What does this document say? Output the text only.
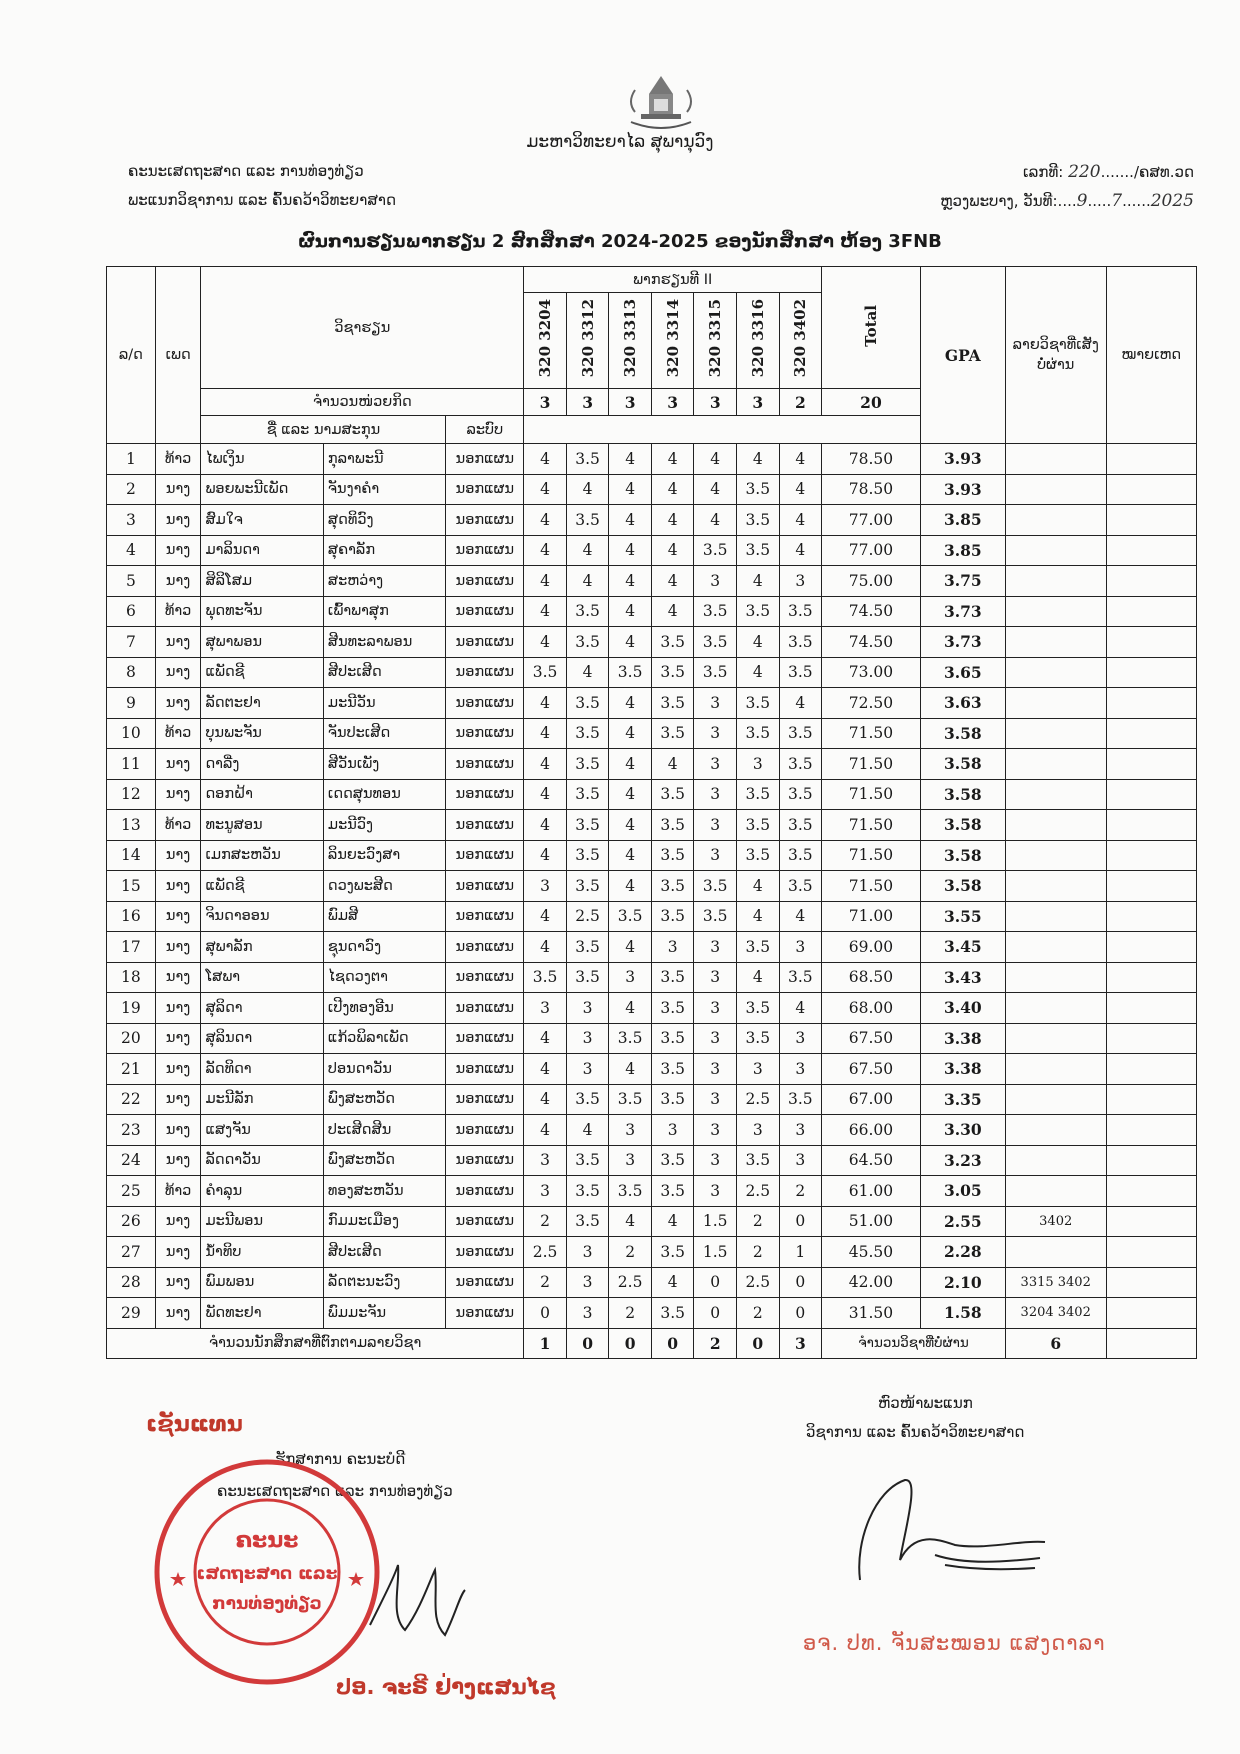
ມະຫາວິທະຍາໄລ ສຸພານຸວົງ
ຄະນະເສດຖະສາດ ແລະ ການທ່ອງທ່ຽວ
ພະແນກວິຊາການ ແລະ ຄົ້ນຄວ້າວິທະຍາສາດ
ເລກທີ: 220......./ຄສທ.ວດ
ຫຼວງພະບາງ, ວັນທີ:....9.....7......2025
ຜົນການຮຽນພາກຮຽນ 2 ສົກສຶກສາ 2024-2025 ຂອງນັກສຶກສາ ຫ້ອງ 3FNB
ລ/ດ	ເພດ	ວິຊາຮຽນ			ພາກຮຽນທີ II							Total	GPA	ລາຍວິຊາທີ່ເສັງບໍ່ຜ່ານ	ໝາຍເຫດ
					320 3204	320 3312	320 3313	320 3314	320 3315	320 3316	320 3402				
		ຈຳນວນໜ່ວຍກິດ			3	3	3	3	3	3	2	20			
		ຊື່ ແລະ ນາມສະກຸນ		ລະບົບ											
1	ທ້າວ	ໄພເງິນ	ກຸລາພະນີ	ນອກແຜນ	4	3.5	4	4	4	4	4	78.50	3.93		
2	ນາງ	ພອຍພະນີເພັດ	ຈັນງາຄຳ	ນອກແຜນ	4	4	4	4	4	3.5	4	78.50	3.93		
3	ນາງ	ສົມໃຈ	ສຸດທິວົງ	ນອກແຜນ	4	3.5	4	4	4	3.5	4	77.00	3.85		
4	ນາງ	ມາລິນດາ	ສຸຄາລັກ	ນອກແຜນ	4	4	4	4	3.5	3.5	4	77.00	3.85		
5	ນາງ	ສິລິໂສມ	ສະຫວ່າງ	ນອກແຜນ	4	4	4	4	3	4	3	75.00	3.75		
6	ທ້າວ	ພຸດທະຈັນ	ເພົ້າພາສຸກ	ນອກແຜນ	4	3.5	4	4	3.5	3.5	3.5	74.50	3.73		
7	ນາງ	ສຸພາພອນ	ສີນທະລາພອນ	ນອກແຜນ	4	3.5	4	3.5	3.5	4	3.5	74.50	3.73		
8	ນາງ	ແພັດຊີ	ສີປະເສີດ	ນອກແຜນ	3.5	4	3.5	3.5	3.5	4	3.5	73.00	3.65		
9	ນາງ	ລັດຕະຢາ	ມະນີວັນ	ນອກແຜນ	4	3.5	4	3.5	3	3.5	4	72.50	3.63		
10	ທ້າວ	ບຸນພະຈັນ	ຈັນປະເສີດ	ນອກແຜນ	4	3.5	4	3.5	3	3.5	3.5	71.50	3.58		
11	ນາງ	ດາລີ່ງ	ສີວັນເພັງ	ນອກແຜນ	4	3.5	4	4	3	3	3.5	71.50	3.58		
12	ນາງ	ດອກຝ້າ	ເດດສຸນທອນ	ນອກແຜນ	4	3.5	4	3.5	3	3.5	3.5	71.50	3.58		
13	ທ້າວ	ທະນູສອນ	ມະນີວົງ	ນອກແຜນ	4	3.5	4	3.5	3	3.5	3.5	71.50	3.58		
14	ນາງ	ເມກສະຫວັນ	ລິນຍະວົງສາ	ນອກແຜນ	4	3.5	4	3.5	3	3.5	3.5	71.50	3.58		
15	ນາງ	ແພັດຊີ	ດວງພະສີດ	ນອກແຜນ	3	3.5	4	3.5	3.5	4	3.5	71.50	3.58		
16	ນາງ	ຈິນດາອອນ	ພົມສີ	ນອກແຜນ	4	2.5	3.5	3.5	3.5	4	4	71.00	3.55		
17	ນາງ	ສຸພາລັກ	ຊຸນດາວົງ	ນອກແຜນ	4	3.5	4	3	3	3.5	3	69.00	3.45		
18	ນາງ	ໂສພາ	ໄຊດວງຕາ	ນອກແຜນ	3.5	3.5	3	3.5	3	4	3.5	68.50	3.43		
19	ນາງ	ສຸລິດາ	ເປີງທອງອີນ	ນອກແຜນ	3	3	4	3.5	3	3.5	4	68.00	3.40		
20	ນາງ	ສຸລິນດາ	ແກ້ວພິລາເພັດ	ນອກແຜນ	4	3	3.5	3.5	3	3.5	3	67.50	3.38		
21	ນາງ	ລັດທິດາ	ປອນດາວັນ	ນອກແຜນ	4	3	4	3.5	3	3	3	67.50	3.38		
22	ນາງ	ມະນີລັກ	ພົງສະຫວັດ	ນອກແຜນ	4	3.5	3.5	3.5	3	2.5	3.5	67.00	3.35		
23	ນາງ	ແສງຈັນ	ປະເສີດສີນ	ນອກແຜນ	4	4	3	3	3	3	3	66.00	3.30		
24	ນາງ	ລັດດາວັນ	ພົງສະຫວັດ	ນອກແຜນ	3	3.5	3	3.5	3	3.5	3	64.50	3.23		
25	ທ້າວ	ຄຳລຸນ	ທອງສະຫວັນ	ນອກແຜນ	3	3.5	3.5	3.5	3	2.5	2	61.00	3.05		
26	ນາງ	ມະນີພອນ	ກົມມະເມືອງ	ນອກແຜນ	2	3.5	4	4	1.5	2	0	51.00	2.55	3402	
27	ນາງ	ນ້ຳທິບ	ສີປະເສີດ	ນອກແຜນ	2.5	3	2	3.5	1.5	2	1	45.50	2.28		
28	ນາງ	ພົມພອນ	ລັດຕະນະວົງ	ນອກແຜນ	2	3	2.5	4	0	2.5	0	42.00	2.10	3315 3402	
29	ນາງ	ພັດທະຢາ	ພົມມະຈັນ	ນອກແຜນ	0	3	2	3.5	0	2	0	31.50	1.58	3204 3402	
ຈຳນວນນັກສຶກສາທີ່ຕົກຕາມລາຍວິຊາ					1	0	0	0	2	0	3	ຈຳນວນວິຊາທີ່ບໍ່ຜ່ານ		6	
ເຊັນແທນ
ຮັກສາການ ຄະນະບໍດີ
ຄະນະເສດຖະສາດ ແລະ ການທ່ອງທ່ຽວ
ຄະນະ
ເສດຖະສາດ ແລະ
ການທ່ອງທ່ຽວ
ປອ. ຈະຣີ ຢ່າງແສນໄຊ
ຫົວໜ້າພະແນກ
ວິຊາການ ແລະ ຄົ້ນຄວ້າວິທະຍາສາດ
ອຈ. ປທ. ຈັນສະໝອນ ແສງດາລາ
